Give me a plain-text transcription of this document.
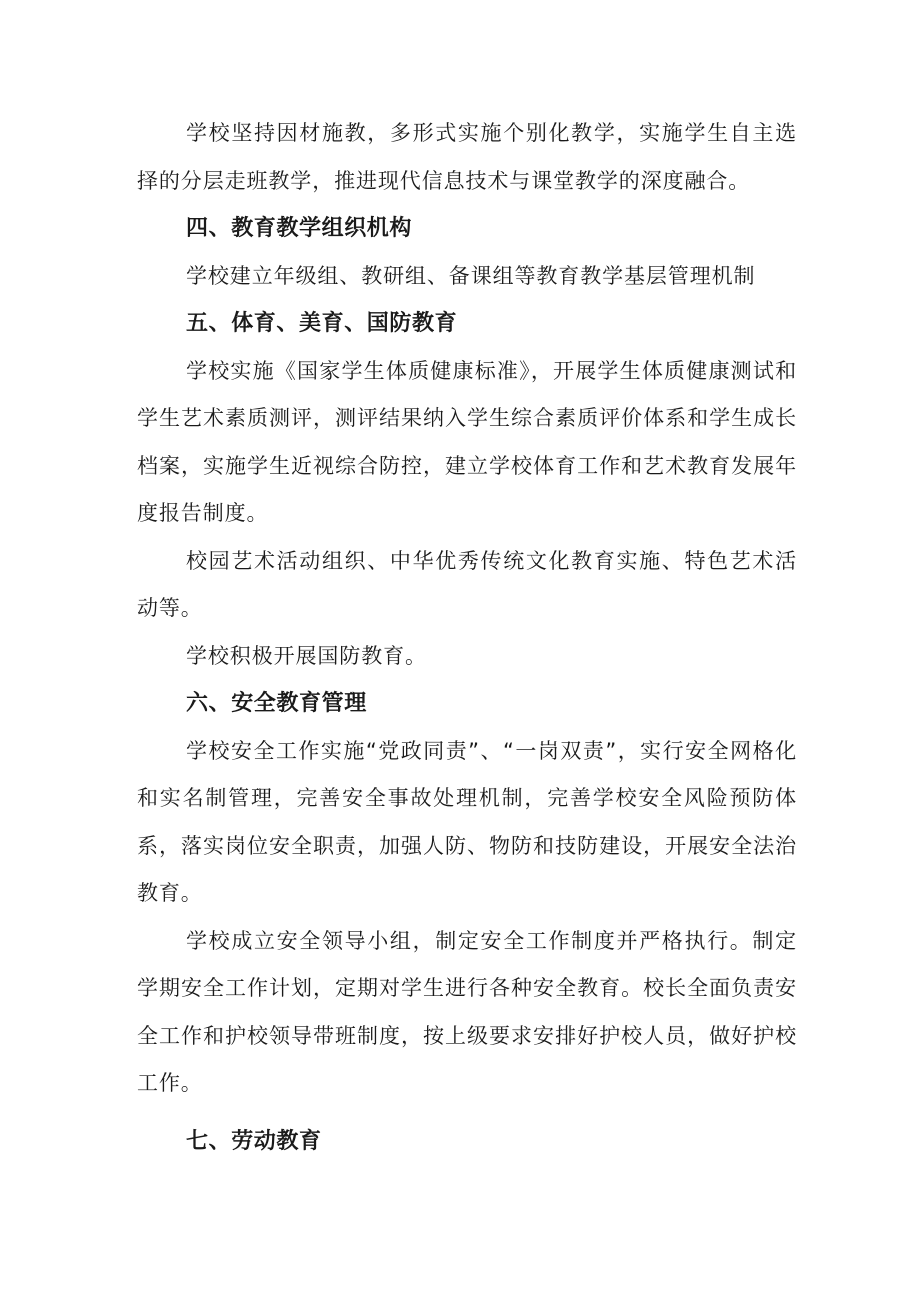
学校坚持因材施教，多形式实施个别化教学，实施学生自主选择的分层走班教学，推进现代信息技术与课堂教学的深度融合。

四、教育教学组织机构

学校建立年级组、教研组、备课组等教育教学基层管理机制

五、体育、美育、国防教育

学校实施《国家学生体质健康标准》，开展学生体质健康测试和学生艺术素质测评，测评结果纳入学生综合素质评价体系和学生成长档案，实施学生近视综合防控，建立学校体育工作和艺术教育发展年度报告制度。

校园艺术活动组织、中华优秀传统文化教育实施、特色艺术活动等。

学校积极开展国防教育。

六、安全教育管理

学校安全工作实施“党政同责”、“一岗双责”，实行安全网格化和实名制管理，完善安全事故处理机制，完善学校安全风险预防体系，落实岗位安全职责，加强人防、物防和技防建设，开展安全法治教育。

学校成立安全领导小组，制定安全工作制度并严格执行。制定学期安全工作计划，定期对学生进行各种安全教育。校长全面负责安全工作和护校领导带班制度，按上级要求安排好护校人员，做好护校工作。

七、劳动教育
